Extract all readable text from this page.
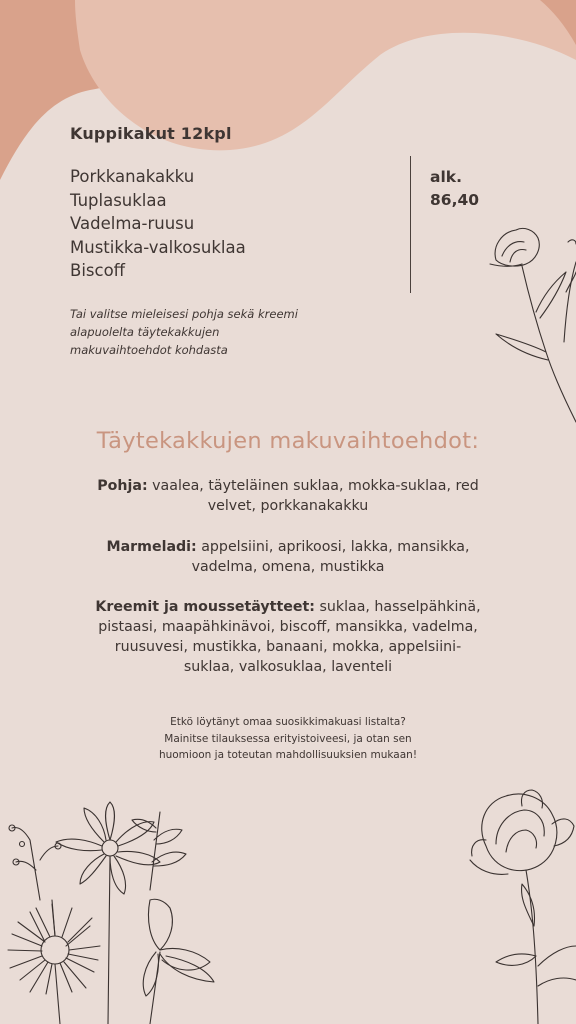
Kuppikakut 12kpl
Porkkanakakku
Tuplasuklaa
Vadelma-ruusu
Mustikka-valkosuklaa
Biscoff
alk.
86,40
Tai valitse mieleisesi pohja sekä kreemi alapuolelta täytekakkujen makuvaihtoehdot kohdasta
Täytekakkujen makuvaihtoehdot:
Pohja: vaalea, täyteläinen suklaa, mokka-suklaa, red velvet, porkkanakakku
Marmeladi: appelsiini, aprikoosi, lakka, mansikka, vadelma, omena, mustikka
Kreemit ja moussetäytteet: suklaa, hasselpähkinä, pistaasi, maapähkinävoi, biscoff, mansikka, vadelma, ruusuvesi, mustikka, banaani, mokka, appelsiini-suklaa, valkosuklaa, laventeli
Etkö löytänyt omaa suosikkimakuasi listalta?
Mainitse tilauksessa erityistoiveesi, ja otan sen
huomioon ja toteutan mahdollisuuksien mukaan!
